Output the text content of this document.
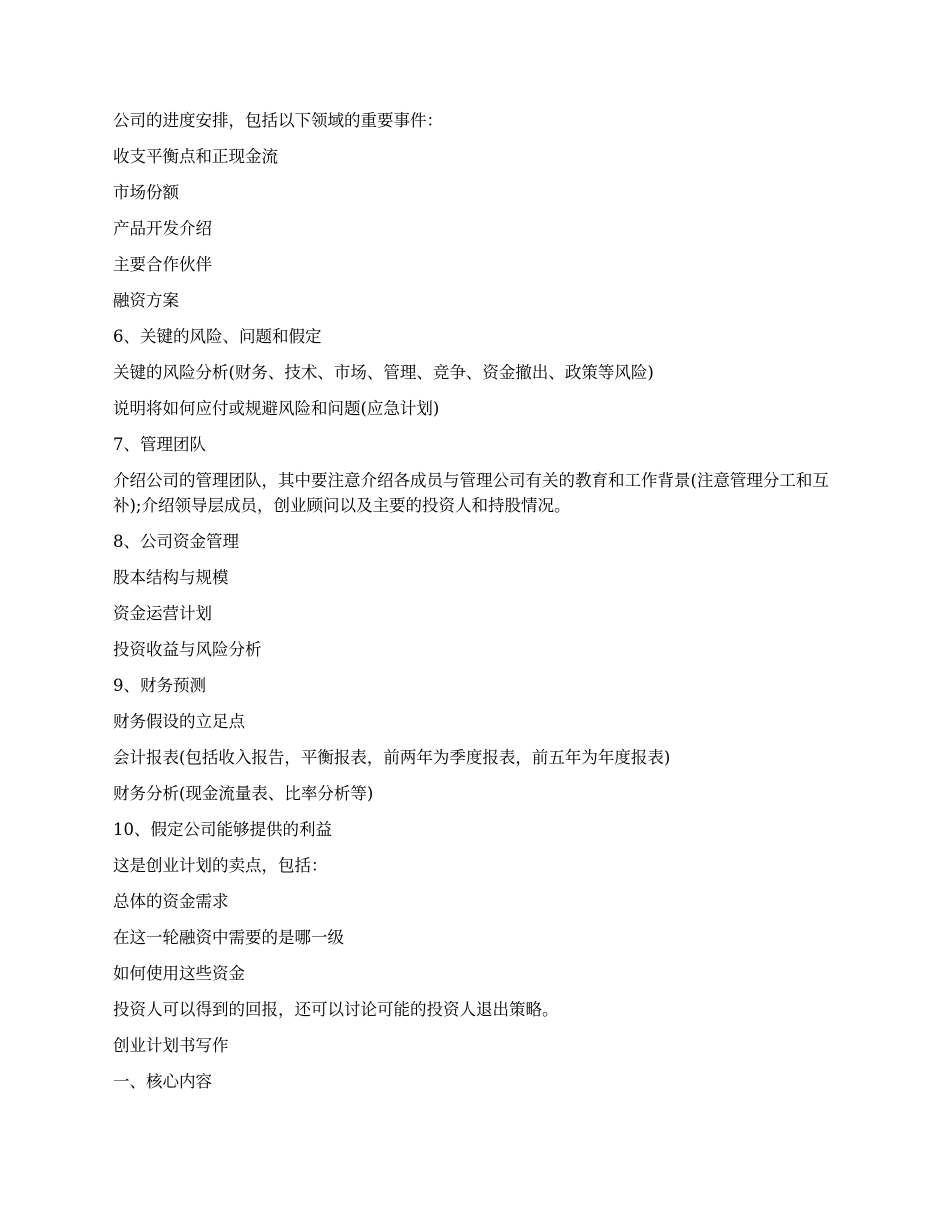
公司的进度安排，包括以下领域的重要事件：

收支平衡点和正现金流

市场份额

产品开发介绍

主要合作伙伴

融资方案

6、关键的风险、问题和假定

关键的风险分析(财务、技术、市场、管理、竞争、资金撤出、政策等风险)

说明将如何应付或规避风险和问题(应急计划)

7、管理团队

介绍公司的管理团队，其中要注意介绍各成员与管理公司有关的教育和工作背景(注意管理分工和互补);介绍领导层成员，创业顾问以及主要的投资人和持股情况。

8、公司资金管理

股本结构与规模

资金运营计划

投资收益与风险分析

9、财务预测

财务假设的立足点

会计报表(包括收入报告，平衡报表，前两年为季度报表，前五年为年度报表)

财务分析(现金流量表、比率分析等)

10、假定公司能够提供的利益

这是创业计划的卖点，包括：

总体的资金需求

在这一轮融资中需要的是哪一级

如何使用这些资金

投资人可以得到的回报，还可以讨论可能的投资人退出策略。

创业计划书写作

一、核心内容
